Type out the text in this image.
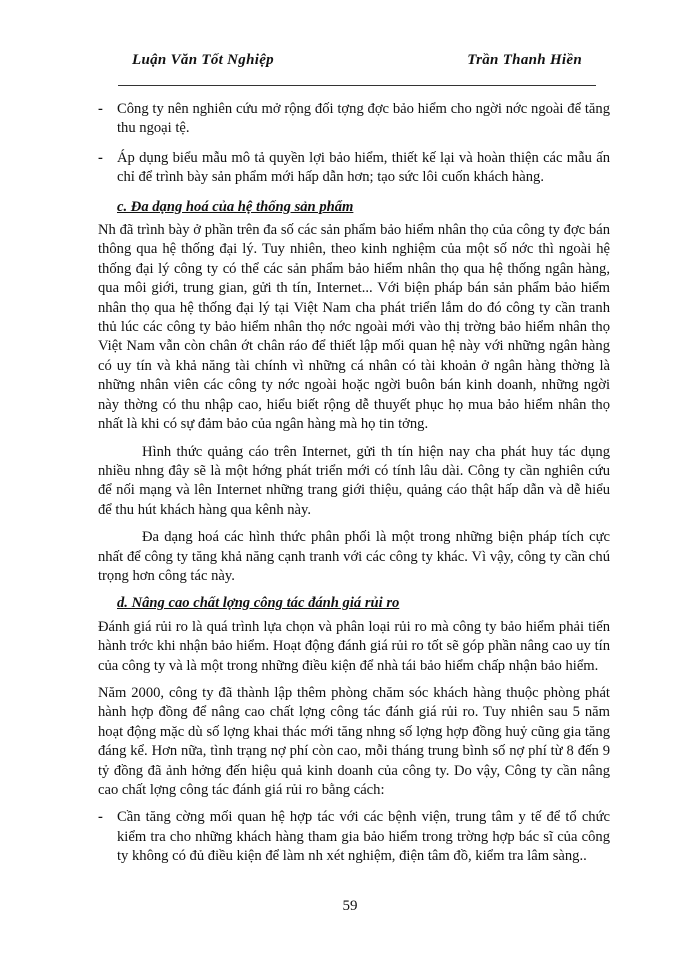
Luận Văn Tốt Nghiệp	Trần Thanh Hiền

- Công ty nên nghiên cứu mở rộng đối tợng đợc bảo hiểm cho ngời nớc ngoài để tăng thu ngoại tệ.

- Áp dụng biểu mẫu mô tả quyền lợi bảo hiểm, thiết kế lại và hoàn thiện các mẫu ấn chỉ để trình bày sản phẩm mới hấp dẫn hơn; tạo sức lôi cuốn khách hàng.

c. Đa dạng hoá của hệ thống sản phẩm

Nh đã trình bày ở phần trên đa số các sản phẩm bảo hiểm nhân thọ của công ty đợc bán thông qua hệ thống đại lý. Tuy nhiên, theo kinh nghiệm của một số nớc thì ngoài hệ thống đại lý công ty có thể các sản phẩm bảo hiểm nhân thọ qua hệ thống ngân hàng, qua môi giới, trung gian, gửi th tín, Internet... Với biện pháp bán sản phẩm bảo hiểm nhân thọ qua hệ thống đại lý tại Việt Nam cha phát triển lắm do đó công ty cần tranh thủ lúc các công ty bảo hiểm nhân thọ nớc ngoài mới vào thị trờng bảo hiểm nhân thọ Việt Nam vẫn còn chân ớt chân ráo để thiết lập mối quan hệ này với những ngân hàng có uy tín và khả năng tài chính vì những cá nhân có tài khoản ở ngân hàng thờng là những nhân viên các công ty nớc ngoài hoặc ngời buôn bán kinh doanh, những ngời này thờng có thu nhập cao, hiểu biết rộng dễ thuyết phục họ mua bảo hiểm nhân thọ nhất là khi có sự đảm bảo của ngân hàng mà họ tin tởng.

Hình thức quảng cáo trên Internet, gửi th tín hiện nay cha phát huy tác dụng nhiều nhng đây sẽ là một hớng phát triển mới có tính lâu dài. Công ty cần nghiên cứu để nối mạng và lên Internet những trang giới thiệu, quảng cáo thật hấp dẫn và dễ hiểu để thu hút khách hàng qua kênh này.

Đa dạng hoá các hình thức phân phối là một trong những biện pháp tích cực nhất để công ty tăng khả năng cạnh tranh với các công ty khác. Vì vậy, công ty cần chú trọng hơn công tác này.

d. Nâng cao chất lợng công tác đánh giá rủi ro

Đánh giá rủi ro là quá trình lựa chọn và phân loại rủi ro mà công ty bảo hiểm phải tiến hành trớc khi nhận bảo hiểm. Hoạt động đánh giá rủi ro tốt sẽ góp phần nâng cao uy tín của công ty và là một trong những điều kiện để nhà tái bảo hiểm chấp nhận bảo hiểm.

Năm 2000, công ty đã thành lập thêm phòng chăm sóc khách hàng thuộc phòng phát hành hợp đồng để nâng cao chất lợng công tác đánh giá rủi ro. Tuy nhiên sau 5 năm hoạt động mặc dù số lợng khai thác mới tăng nhng số lợng hợp đồng huỷ cũng gia tăng đáng kể. Hơn nữa, tình trạng nợ phí còn cao, mỗi tháng trung bình số nợ phí từ 8 đến 9 tỷ đồng đã ảnh hởng đến hiệu quả kinh doanh của công ty. Do vậy, Công ty cần nâng cao chất lợng công tác đánh giá rủi ro bằng cách:

- Cần tăng cờng mối quan hệ hợp tác với các bệnh viện, trung tâm y tế để tổ chức kiểm tra cho những khách hàng tham gia bảo hiểm trong trờng hợp bác sĩ của công ty không có đủ điều kiện để làm nh xét nghiệm, điện tâm đồ, kiểm tra lâm sàng..

59
